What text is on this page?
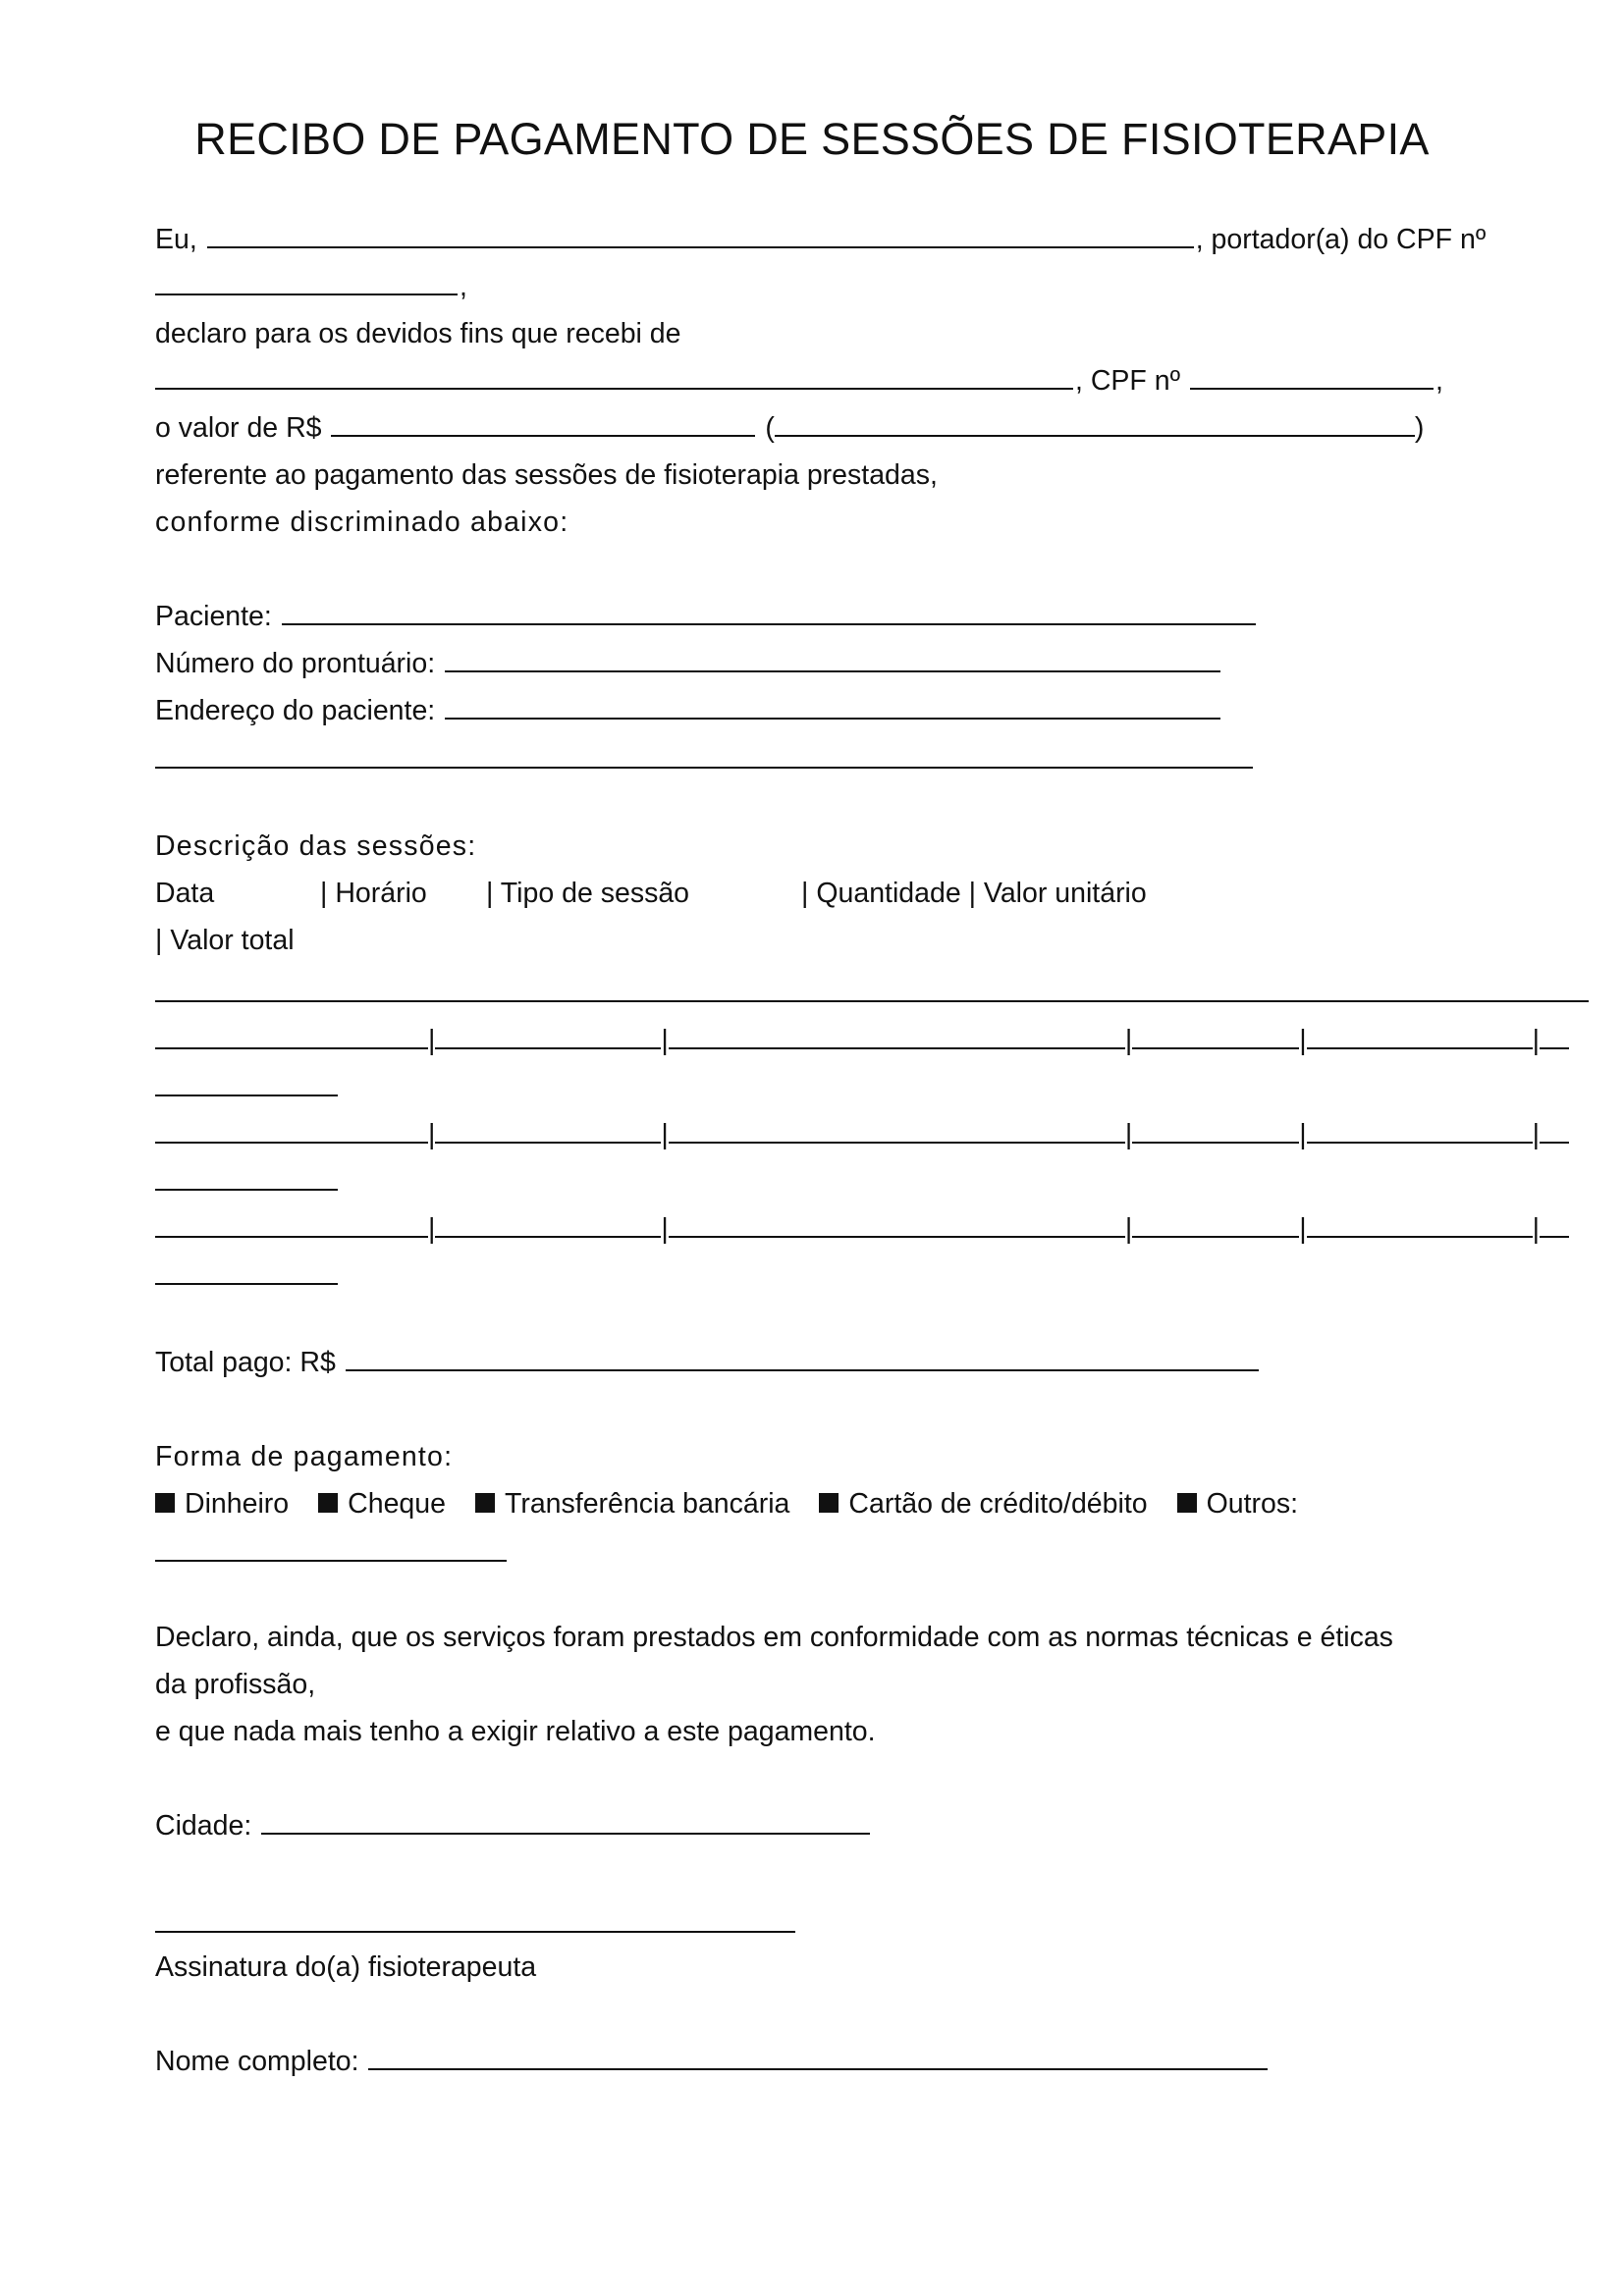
RECIBO DE PAGAMENTO DE SESSÕES DE FISIOTERAPIA
Eu,	, portador(a) do CPF nº
,
declaro para os devidos fins que recebi de
, CPF nº	,
o valor de R$	(	)
referente ao pagamento das sessões de fisioterapia prestadas,
conforme discriminado abaixo:
Paciente:
Número do prontuário:
Endereço do paciente:
Descrição das sessões:
Data	| Horário | Tipo de sessão	| Quantidade | Valor unitário
| Valor total
|	|	|	|	|
|	|	|	|	|
|	|	|	|	|
Total pago: R$
Forma de pagamento:
Dinheiro Cheque Transferência bancária Cartão de crédito/débito Outros:
Declaro, ainda, que os serviços foram prestados em conformidade com as normas técnicas e éticas
da profissão,
e que nada mais tenho a exigir relativo a este pagamento.
Cidade:
Assinatura do(a) fisioterapeuta
Nome completo:
